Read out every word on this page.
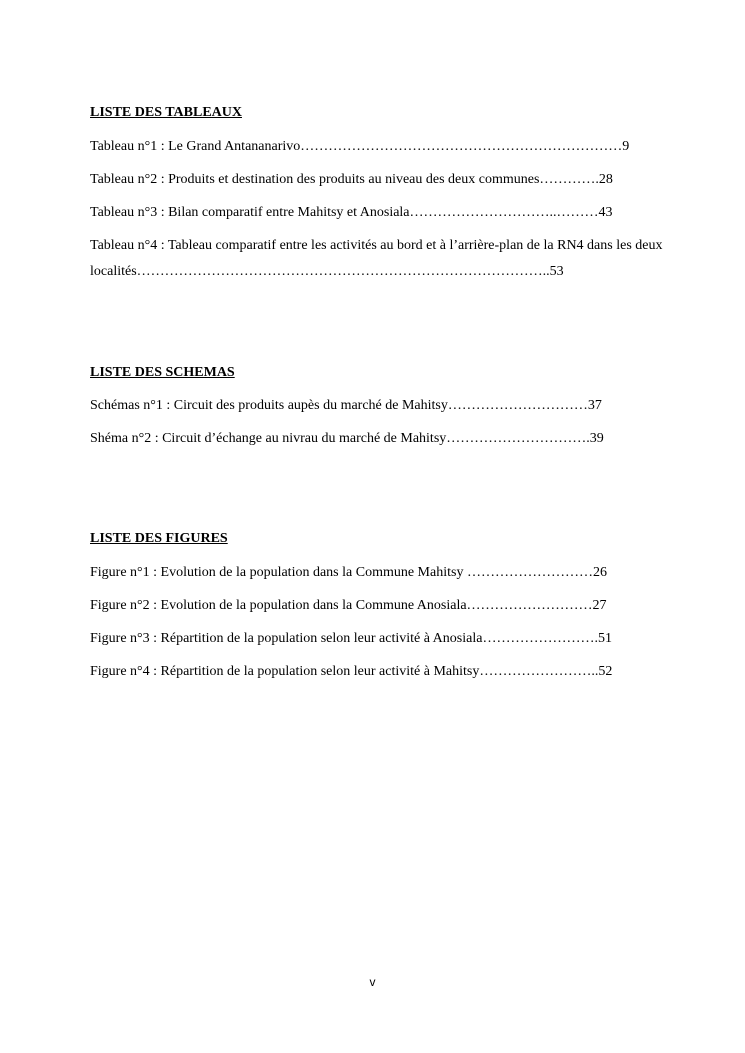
LISTE DES TABLEAUX
Tableau n°1 : Le Grand Antananarivo……………………………………………………………9
Tableau n°2 : Produits et destination des produits au niveau des deux communes………….28
Tableau n°3 : Bilan comparatif entre Mahitsy et Anosiala…………………………..………43
Tableau n°4 : Tableau comparatif entre les activités au bord et à l’arrière-plan de la RN4 dans les deux localités……………………………………………………………………………..53
LISTE DES SCHEMAS
Schémas n°1 : Circuit des produits aupès du marché de Mahitsy…………………………37
Shéma n°2 : Circuit d’échange au nivrau du marché de Mahitsy………………………….39
LISTE DES FIGURES
Figure n°1 : Evolution de la population dans la Commune Mahitsy ………………………26
Figure n°2 : Evolution de la population dans la Commune Anosiala………………………27
Figure n°3 : Répartition de la population selon leur activité à Anosiala…………………….51
Figure n°4 : Répartition de la population selon leur activité à Mahitsy……………………..52
v
